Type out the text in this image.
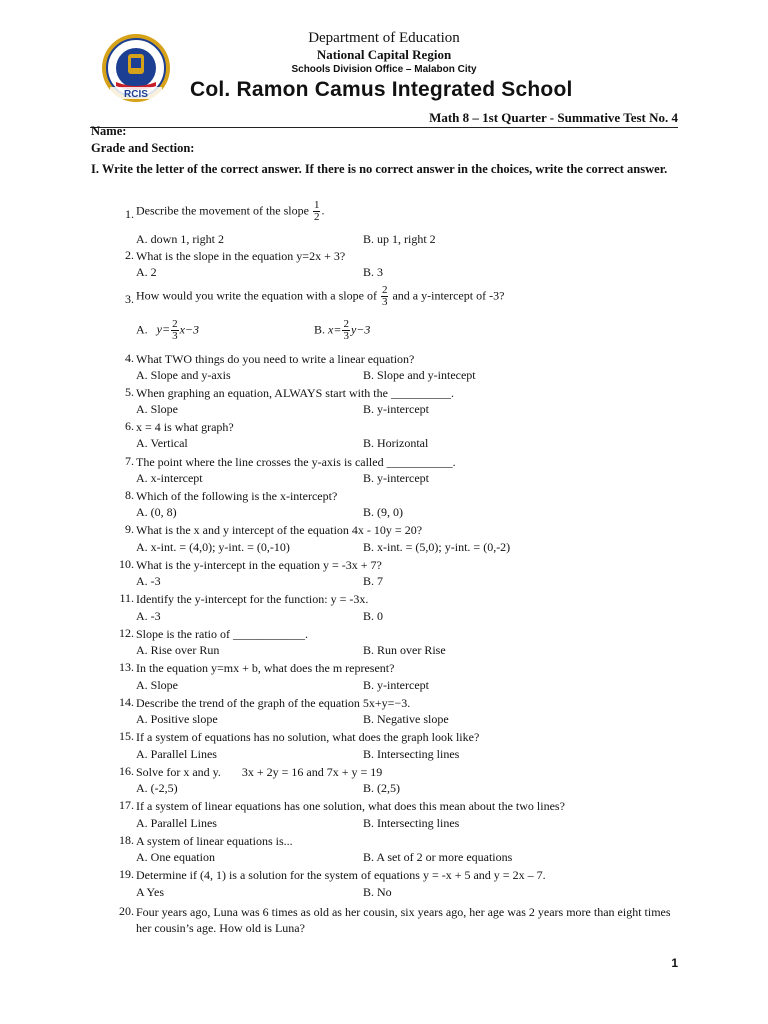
RCIS
Department of Education
National Capital Region
Schools Division Office – Malabon City
Col. Ramon Camus Integrated School
Math 8 – 1st Quarter - Summative Test No. 4
Name:
Grade and Section:
I. Write the letter of the correct answer. If there is no correct answer in the choices, write the correct answer.
1. Describe the movement of the slope $\frac{1}{2}$ .
A. down 1, right 2	B. up 1, right 2
2. What is the slope in the equation y=2x + 3?
A. 2	B. 3
3. How would you write the equation with a slope of $\frac{2}{3}$ and a y-intercept of -3?
A. $y= \frac{2}{3} x-3$	B. $x= \frac{2}{3} y-3$
4. What TWO things do you need to write a linear equation?
A. Slope and y-axis	B. Slope and y-intecept
5. When graphing an equation, ALWAYS start with the __________.
A. Slope	B. y-intercept
6. x = 4 is what graph?
A. Vertical	B. Horizontal
7. The point where the line crosses the y-axis is called ___________.
A. x-intercept	B. y-intercept
8. Which of the following is the x-intercept?
A. (0, 8)	B. (9, 0)
9. What is the x and y intercept of the equation 4x - 10y = 20?
A. x-int. = (4,0); y-int. = (0,-10)	B. x-int. = (5,0); y-int. = (0,-2)
10. What is the y-intercept in the equation y = -3x + 7?
A. -3	B. 7
11. Identify the y-intercept for the function: y = -3x.
A. -3	B. 0
12. Slope is the ratio of ____________.
A. Rise over Run	B. Run over Rise
13. In the equation y=mx + b, what does the m represent?
A. Slope	B. y-intercept
14. Describe the trend of the graph of the equation 5x+y=−3.
A. Positive slope	B. Negative slope
15. If a system of equations has no solution, what does the graph look like?
A. Parallel Lines	B. Intersecting lines
16. Solve for x and y.       3x + 2y = 16 and 7x + y = 19
A. (-2,5)	B. (2,5)
17. If a system of linear equations has one solution, what does this mean about the two lines?
A. Parallel Lines	B. Intersecting lines
18. A system of linear equations is...
A. One equation	B. A set of 2 or more equations
19. Determine if (4, 1) is a solution for the system of equations y = -x + 5 and y = 2x – 7.
A Yes	B. No
20. Four years ago, Luna was 6 times as old as her cousin, six years ago, her age was 2 years more than eight times her cousin’s age. How old is Luna?
1
